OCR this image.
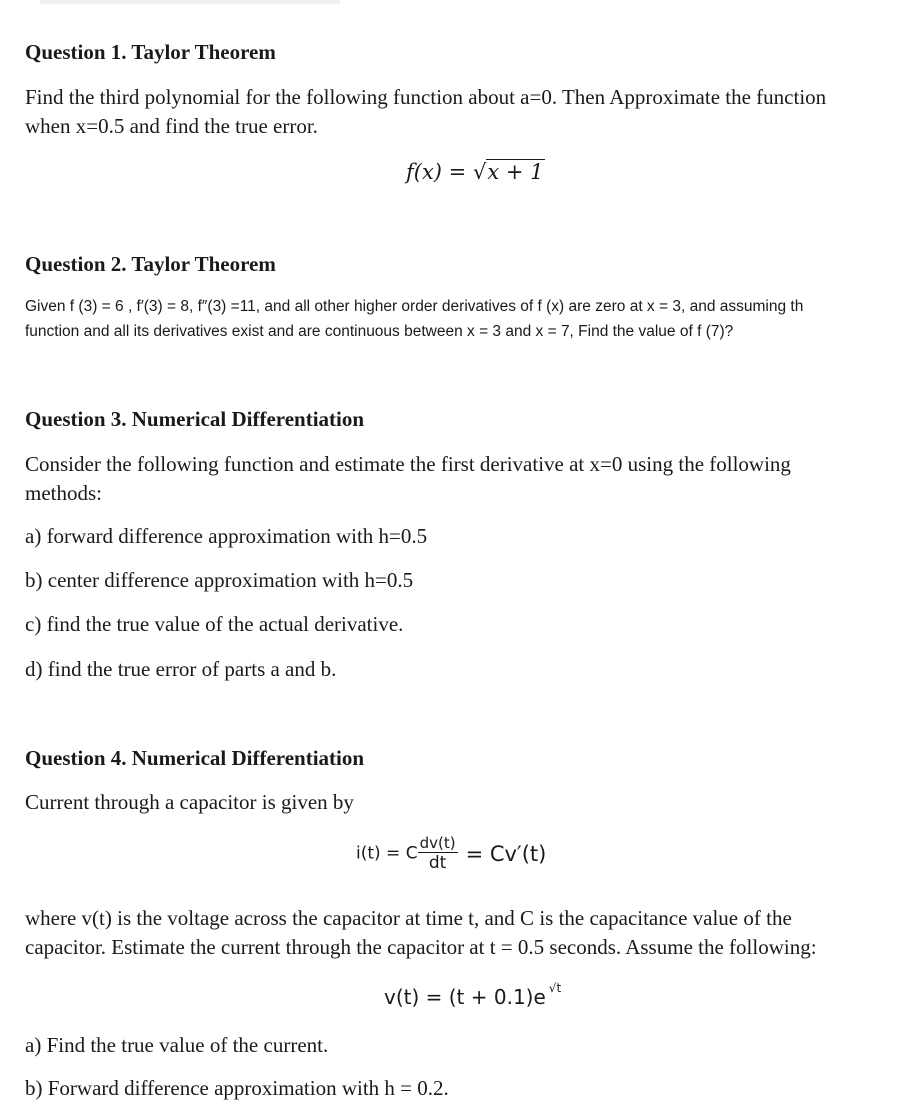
Question 1. Taylor Theorem
Find the third polynomial for the following function about a=0. Then Approximate the function
when x=0.5 and find the true error.
f(x) = √x + 1
Question 2. Taylor Theorem
Given f (3) = 6 , f′(3) = 8, f″(3) =11, and all other higher order derivatives of f (x) are zero at x = 3, and assuming th
function and all its derivatives exist and are continuous between x = 3 and x = 7, Find the value of f (7)?
Question 3. Numerical Differentiation
Consider the following function and estimate the first derivative at x=0 using the following
methods:
a) forward difference approximation with h=0.5
b) center difference approximation with h=0.5
c) find the true value of the actual derivative.
d) find the true error of parts a and b.
Question 4. Numerical Differentiation
Current through a capacitor is given by
i(t) = C $\frac{dv(t)}{dt} = Cv'(t)$
where v(t) is the voltage across the capacitor at time t, and C is the capacitance value of the
capacitor. Estimate the current through the capacitor at t = 0.5 seconds. Assume the following:
v(t) = (t + 0.1)e $^{√t}$
a) Find the true value of the current.
b) Forward difference approximation with h = 0.2.
